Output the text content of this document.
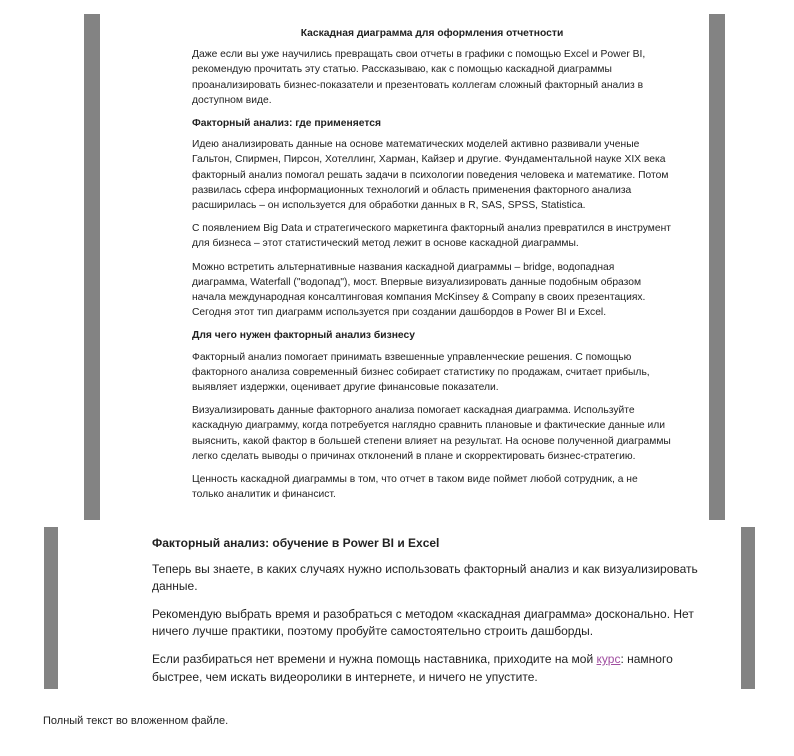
Каскадная диаграмма для оформления отчетности

Даже если вы уже научились превращать свои отчеты в графики с помощью Excel и Power BI, рекомендую прочитать эту статью. Рассказываю, как с помощью каскадной диаграммы проанализировать бизнес-показатели и презентовать коллегам сложный факторный анализ в доступном виде.

Факторный анализ: где применяется

Идею анализировать данные на основе математических моделей активно развивали ученые Гальтон, Спирмен, Пирсон, Хотеллинг, Харман, Кайзер и другие. Фундаментальной науке XIX века факторный анализ помогал решать задачи в психологии поведения человека и математике. Потом развилась сфера информационных технологий и область применения факторного анализа расширилась – он используется для обработки данных в R, SAS, SPSS, Statistica.

С появлением Big Data и стратегического маркетинга факторный анализ превратился в инструмент для бизнеса – этот статистический метод лежит в основе каскадной диаграммы.

Можно встретить альтернативные названия каскадной диаграммы – bridge, водопадная диаграмма, Waterfall ("водопад"), мост. Впервые визуализировать данные подобным образом начала международная консалтинговая компания McKinsey & Company в своих презентациях. Сегодня этот тип диаграмм используется при создании дашбордов в Power BI и Excel.

Для чего нужен факторный анализ бизнесу

Факторный анализ помогает принимать взвешенные управленческие решения. С помощью факторного анализа современный бизнес собирает статистику по продажам, считает прибыль, выявляет издержки, оценивает другие финансовые показатели.

Визуализировать данные факторного анализа помогает каскадная диаграмма. Используйте каскадную диаграмму, когда потребуется наглядно сравнить плановые и фактические данные или выяснить, какой фактор в большей степени влияет на результат. На основе полученной диаграммы легко сделать выводы о причинах отклонений в плане и скорректировать бизнес-стратегию.

Ценность каскадной диаграммы в том, что отчет в таком виде поймет любой сотрудник, а не только аналитик и финансист.

Факторный анализ: обучение в Power BI и Excel

Теперь вы знаете, в каких случаях нужно использовать факторный анализ и как визуализировать данные.

Рекомендую выбрать время и разобраться с методом «каскадная диаграмма» досконально. Нет ничего лучше практики, поэтому пробуйте самостоятельно строить дашборды.

Если разбираться нет времени и нужна помощь наставника, приходите на мой курс: намного быстрее, чем искать видеоролики в интернете, и ничего не упустите.

Полный текст во вложенном файле.
